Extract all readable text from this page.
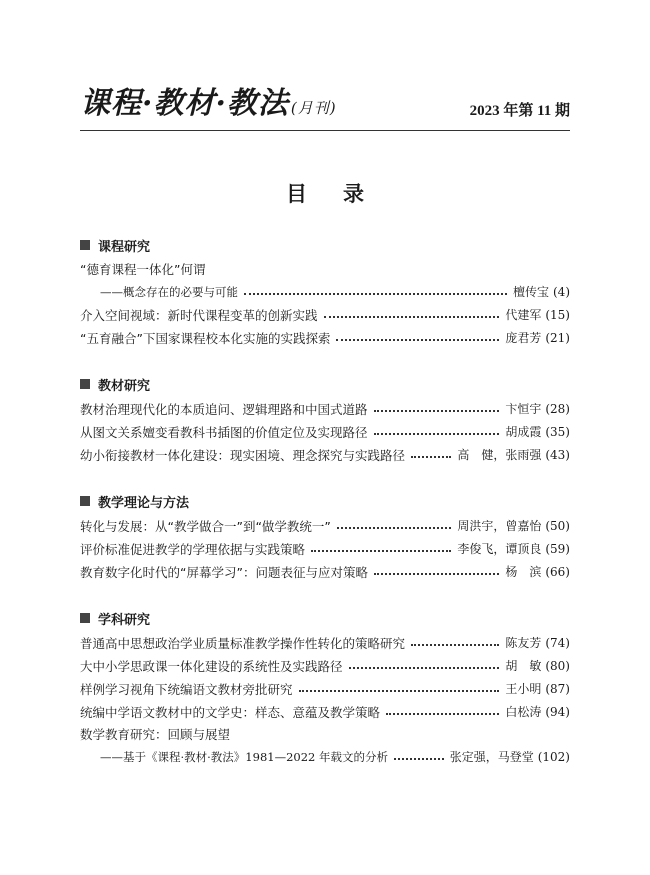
课程·教材·教法 (月刊)	2023 年第 11 期
目录
课程研究
“德育课程一体化”何谓
——概念存在的必要与可能	檀传宝 (4)
介入空间视域：新时代课程变革的创新实践	代建军 (15)
“五育融合”下国家课程校本化实施的实践探索	庞君芳 (21)
教材研究
教材治理现代化的本质追问、逻辑理路和中国式道路	卞恒宇 (28)
从图文关系嬗变看教科书插图的价值定位及实现路径	胡成霞 (35)
幼小衔接教材一体化建设：现实困境、理念探究与实践路径	高　健，张雨强 (43)
教学理论与方法
转化与发展：从“教学做合一”到“做学教统一”	周洪宇，曾嘉怡 (50)
评价标准促进教学的学理依据与实践策略	李俊飞，谭顶良 (59)
教育数字化时代的“屏幕学习”：问题表征与应对策略	杨　滨 (66)
学科研究
普通高中思想政治学业质量标准教学操作性转化的策略研究	陈友芳 (74)
大中小学思政课一体化建设的系统性及实践路径	胡　敏 (80)
样例学习视角下统编语文教材旁批研究	王小明 (87)
统编中学语文教材中的文学史：样态、意蕴及教学策略	白松涛 (94)
数学教育研究：回顾与展望
——基于《课程·教材·教法》1981—2022 年载文的分析	张定强，马登堂 (102)
